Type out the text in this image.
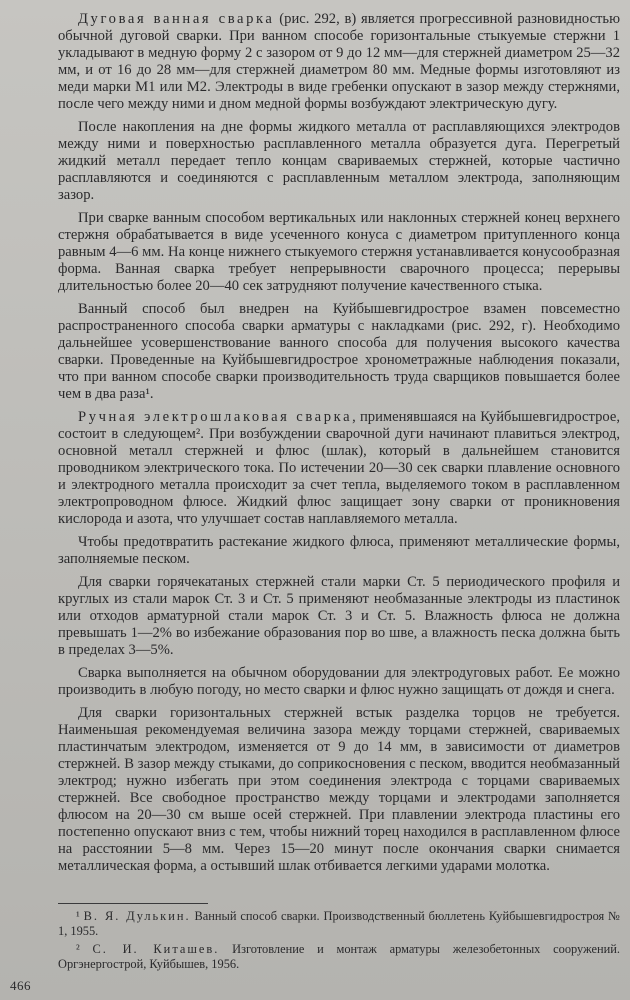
Дуговая ванная сварка (рис. 292, в) является прогрессивной разновидностью обычной дуговой сварки. При ванном способе горизонтальные стыкуемые стержни 1 укладывают в медную форму 2 с зазором от 9 до 12 мм—для стержней диаметром 25—32 мм, и от 16 до 28 мм—для стержней диаметром 80 мм. Медные формы изготовляют из меди марки М1 или М2. Электроды в виде гребенки опускают в зазор между стержнями, после чего между ними и дном медной формы возбуждают электрическую дугу.

После накопления на дне формы жидкого металла от расплавляющихся электродов между ними и поверхностью расплавленного металла образуется дуга. Перегретый жидкий металл передает тепло концам свариваемых стержней, которые частично расплавляются и соединяются с расплавленным металлом электрода, заполняющим зазор.

При сварке ванным способом вертикальных или наклонных стержней конец верхнего стержня обрабатывается в виде усеченного конуса с диаметром притупленного конца равным 4—6 мм. На конце нижнего стыкуемого стержня устанавливается конусообразная форма. Ванная сварка требует непрерывности сварочного процесса; перерывы длительностью более 20—40 сек затрудняют получение качественного стыка.

Ванный способ был внедрен на Куйбышевгидрострое взамен повсеместно распространенного способа сварки арматуры с накладками (рис. 292, г). Необходимо дальнейшее усовершенствование ванного способа для получения высокого качества сварки. Проведенные на Куйбышевгидрострое хронометражные наблюдения показали, что при ванном способе сварки производительность труда сварщиков повышается более чем в два раза¹.

Ручная электрошлаковая сварка, применявшаяся на Куйбышевгидрострое, состоит в следующем². При возбуждении сварочной дуги начинают плавиться электрод, основной металл стержней и флюс (шлак), который в дальнейшем становится проводником электрического тока. По истечении 20—30 сек сварки плавление основного и электродного металла происходит за счет тепла, выделяемого током в расплавленном электропроводном флюсе. Жидкий флюс защищает зону сварки от проникновения кислорода и азота, что улучшает состав наплавляемого металла.

Чтобы предотвратить растекание жидкого флюса, применяют металлические формы, заполняемые песком.

Для сварки горячекатаных стержней стали марки Ст. 5 периодического профиля и круглых из стали марок Ст. 3 и Ст. 5 применяют необмазанные электроды из пластинок или отходов арматурной стали марок Ст. 3 и Ст. 5. Влажность флюса не должна превышать 1—2% во избежание образования пор во шве, а влажность песка должна быть в пределах 3—5%.

Сварка выполняется на обычном оборудовании для электродуговых работ. Ее можно производить в любую погоду, но место сварки и флюс нужно защищать от дождя и снега.

Для сварки горизонтальных стержней встык разделка торцов не требуется. Наименьшая рекомендуемая величина зазора между торцами стержней, свариваемых пластинчатым электродом, изменяется от 9 до 14 мм, в зависимости от диаметров стержней. В зазор между стыками, до соприкосновения с песком, вводится необмазанный электрод; нужно избегать при этом соединения электрода с торцами свариваемых стержней. Все свободное пространство между торцами и электродами заполняется флюсом на 20—30 см выше осей стержней. При плавлении электрода пластины его постепенно опускают вниз с тем, чтобы нижний торец находился в расплавленном флюсе на расстоянии 5—8 мм. Через 15—20 минут после окончания сварки снимается металлическая форма, а остывший шлак отбивается легкими ударами молотка.

¹ В. Я. Дулькин. Ванный способ сварки. Производственный бюллетень Куйбышевгидростроя № 1, 1955.

² С. И. Киташев. Изготовление и монтаж арматуры железобетонных сооружений. Оргэнергострой, Куйбышев, 1956.

466
